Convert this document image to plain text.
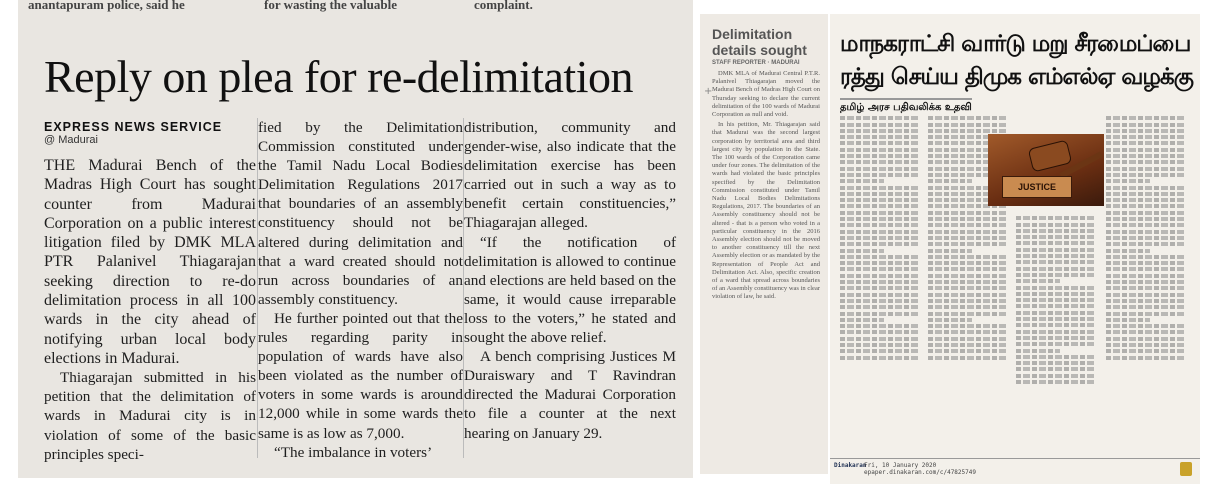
anantapuram police, said he	for wasting the valuable	complaint.
Reply on plea for re-delimitation
EXPRESS NEWS SERVICE
@ Madurai

THE Madurai Bench of the Madras High Court has sought counter from Madurai Corporation on a public interest litigation filed by DMK MLA PTR Palanivel Thiagarajan seeking direction to re-do delimitation process in all 100 wards in the city ahead of notifying urban local body elections in Madurai.

Thiagarajan submitted in his petition that the delimitation of wards in Madurai city is in violation of some of the basic principles speci-

fied by the Delimitation Commission constituted under the Tamil Nadu Local Bodies Delimitation Regulations 2017 that boundaries of an assembly constituency should not be altered during delimitation and that a ward created should not run across boundaries of an assembly constituency.

He further pointed out that the rules regarding parity in population of wards have also been violated as the number of voters in some wards is around 12,000 while in some wards the same is as low as 7,000.

“The imbalance in voters’

distribution, community and gender-wise, also indicate that the delimitation exercise has been carried out in such a way as to benefit certain constituencies,” Thiagarajan alleged.

“If the notification of delimitation is allowed to continue and elections are held based on the same, it would cause irreparable loss to the voters,” he stated and sought the above relief.

A bench comprising Justices M Duraiswary and T Ravindran directed the Madurai Corporation to file a counter at the next hearing on January 29.

Delimitation details sought
STAFF REPORTER · MADURAI
+

DMK MLA of Madurai Central P.T.R. Palanivel Thiagarajan moved the Madurai Bench of Madras High Court on Thursday seeking to declare the current delimitation of the 100 wards of Madurai Corporation as null and void.

In his petition, Mr. Thiagarajan said that Madurai was the second largest corporation by territorial area and third largest city by population in the State. The 100 wards of the Corporation came under four zones. The delimitation of the wards had violated the basic principles specified by the Delimitation Commission constituted under Tamil Nadu Local Bodies Delimitations Regulations, 2017. The boundaries of an Assembly constituency should not be altered - that is a person who voted in a particular constituency in the 2016 Assembly election should not be moved to another constituency till the next Assembly election or as mandated by the Representation of People Act and Delimitation Act. Also, specific creation of a ward that spread across boundaries of an Assembly constituency was in clear violation of law, he said.

மாநகராட்சி வார்டு மறு சீரமைப்பை ரத்து செய்ய திமுக எம்எல்ஏ வழக்கு
தமிழ் அரச பதிவலிக்க உதவி
JUSTICE
Dinakaran
Fri, 10 January 2020
epaper.dinakaran.com/c/47825749
